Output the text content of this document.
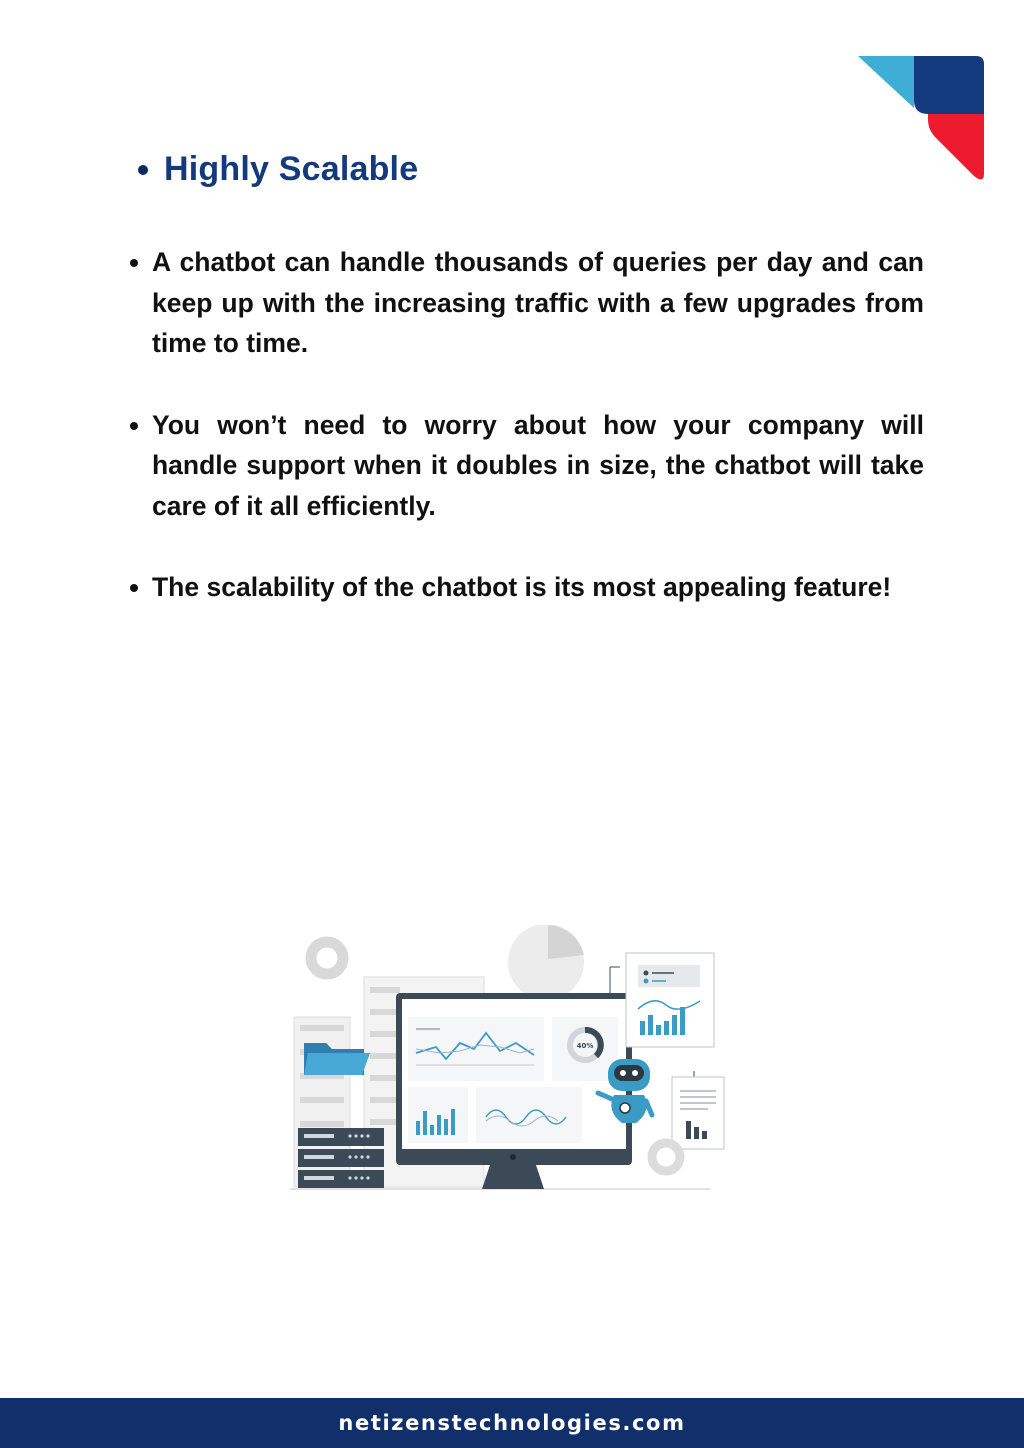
Highly Scalable
A chatbot can handle thousands of queries per day and can keep up with the increasing traffic with a few upgrades from time to time.
You won’t need to worry about how your company will handle support when it doubles in size, the chatbot will take care of it all efficiently.
The scalability of the chatbot is its most appealing feature!
40%
netizenstechnologies.com
